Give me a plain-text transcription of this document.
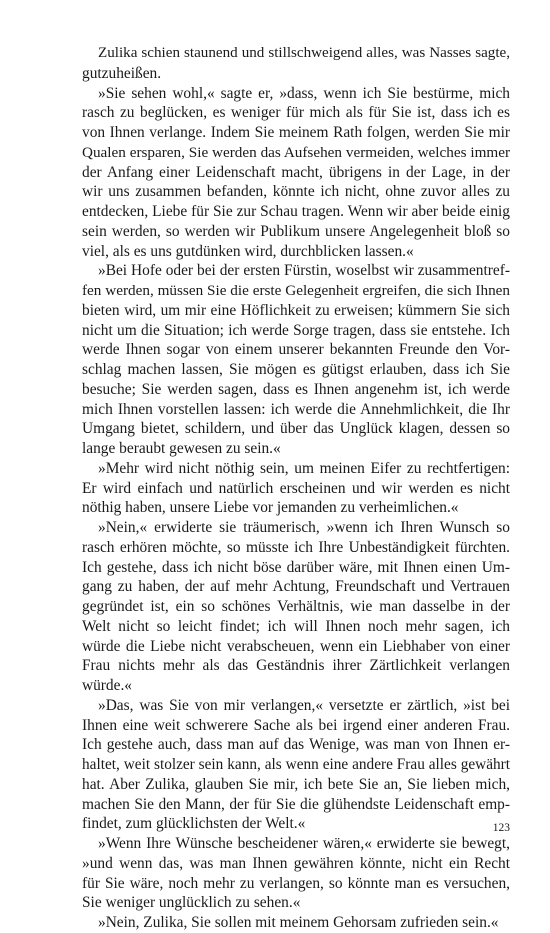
Zulika schien staunend und stillschweigend alles, was Nasses sagte,
gutzuheißen.
»Sie sehen wohl,« sagte er, »dass, wenn ich Sie bestürme, mich
rasch zu beglücken, es weniger für mich als für Sie ist, dass ich es
von Ihnen verlange. Indem Sie meinem Rath folgen, werden Sie mir
Qualen ersparen, Sie werden das Aufsehen vermeiden, welches immer
der Anfang einer Leidenschaft macht, übrigens in der Lage, in der
wir uns zusammen befanden, könnte ich nicht, ohne zuvor alles zu
entdecken, Liebe für Sie zur Schau tragen. Wenn wir aber beide einig
sein werden, so werden wir Publikum unsere Angelegenheit bloß so
viel, als es uns gutdünken wird, durchblicken lassen.«
»Bei Hofe oder bei der ersten Fürstin, woselbst wir zusammentref-
fen werden, müssen Sie die erste Gelegenheit ergreifen, die sich Ihnen
bieten wird, um mir eine Höflichkeit zu erweisen; kümmern Sie sich
nicht um die Situation; ich werde Sorge tragen, dass sie entstehe. Ich
werde Ihnen sogar von einem unserer bekannten Freunde den Vor-
schlag machen lassen, Sie mögen es gütigst erlauben, dass ich Sie
besuche; Sie werden sagen, dass es Ihnen angenehm ist, ich werde
mich Ihnen vorstellen lassen: ich werde die Annehmlichkeit, die Ihr
Umgang bietet, schildern, und über das Unglück klagen, dessen so
lange beraubt gewesen zu sein.«
»Mehr wird nicht nöthig sein, um meinen Eifer zu rechtfertigen:
Er wird einfach und natürlich erscheinen und wir werden es nicht
nöthig haben, unsere Liebe vor jemanden zu verheimlichen.«
»Nein,« erwiderte sie träumerisch, »wenn ich Ihren Wunsch so
rasch erhören möchte, so müsste ich Ihre Unbeständigkeit fürchten.
Ich gestehe, dass ich nicht böse darüber wäre, mit Ihnen einen Um-
gang zu haben, der auf mehr Achtung, Freundschaft und Vertrauen
gegründet ist, ein so schönes Verhältnis, wie man dasselbe in der
Welt nicht so leicht findet; ich will Ihnen noch mehr sagen, ich
würde die Liebe nicht verabscheuen, wenn ein Liebhaber von einer
Frau nichts mehr als das Geständnis ihrer Zärtlichkeit verlangen
würde.«
»Das, was Sie von mir verlangen,« versetzte er zärtlich, »ist bei
Ihnen eine weit schwerere Sache als bei irgend einer anderen Frau.
Ich gestehe auch, dass man auf das Wenige, was man von Ihnen er-
haltet, weit stolzer sein kann, als wenn eine andere Frau alles gewährt
hat. Aber Zulika, glauben Sie mir, ich bete Sie an, Sie lieben mich,
machen Sie den Mann, der für Sie die glühendste Leidenschaft emp-
findet, zum glücklichsten der Welt.«
»Wenn Ihre Wünsche bescheidener wären,« erwiderte sie bewegt,
»und wenn das, was man Ihnen gewähren könnte, nicht ein Recht
für Sie wäre, noch mehr zu verlangen, so könnte man es versuchen,
Sie weniger unglücklich zu sehen.«
»Nein, Zulika, Sie sollen mit meinem Gehorsam zufrieden sein.«
123
